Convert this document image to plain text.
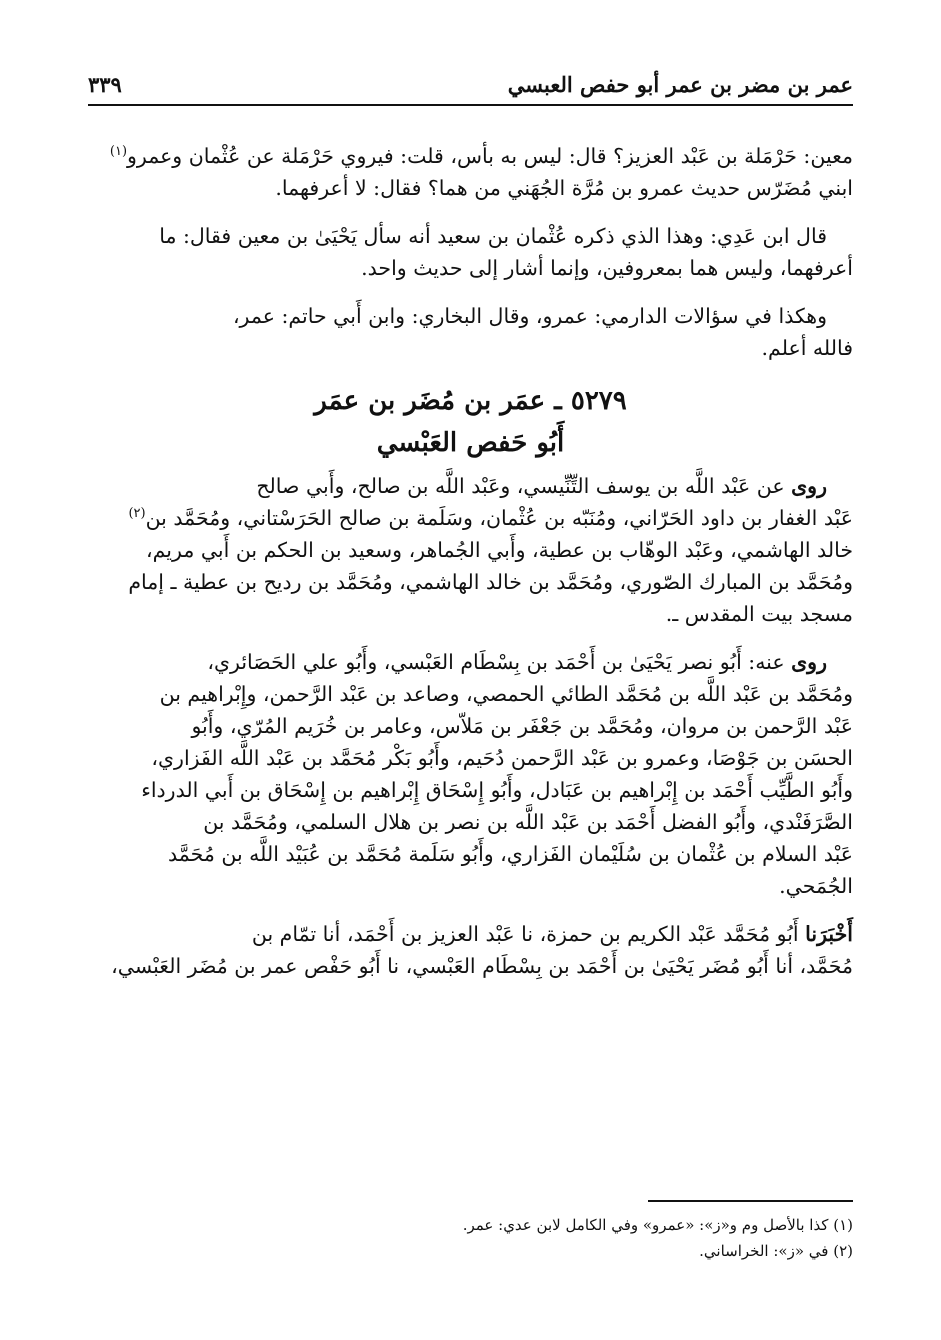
عمر بن مضر بن عمر أبو حفص العبسي
٣٣٩

معين: حَرْمَلة بن عَبْد العزيز؟ قال: ليس به بأس، قلت: فيروي حَرْمَلة عن عُثْمان وعمرو$^{(١)}$

ابني مُضَرّس حديث عمرو بن مُرَّة الجُهَني من هما؟ فقال: لا أعرفهما.

قال ابن عَدِي: وهذا الذي ذكره عُثْمان بن سعيد أنه سأل يَحْيَىٰ بن معين فقال: ما

أعرفهما، وليس هما بمعروفين، وإنما أشار إلى حديث واحد.

وهكذا في سؤالات الدارمي: عمرو، وقال البخاري: وابن أَبي حاتم: عمر،

فالله أعلم.

٥٢٧٩ ـ عمَر بن مُضَر بن عمَر
أَبُو حَفص العَبْسي

روى عن عَبْد اللَّه بن يوسف التِّنِّيسي، وعَبْد اللَّه بن صالح، وأَبي صالح

عَبْد الغفار بن داود الحَرّاني، ومُنَبّه بن عُثْمان، وسَلَمة بن صالح الحَرَسْتاني، ومُحَمَّد بن$^{(٢)}$

خالد الهاشمي، وعَبْد الوهّاب بن عطية، وأَبي الجُماهر، وسعيد بن الحكم بن أَبي مريم،

ومُحَمَّد بن المبارك الصّوري، ومُحَمَّد بن خالد الهاشمي، ومُحَمَّد بن رديح بن عطية ـ إمام

مسجد بيت المقدس ـ.

روى عنه: أَبُو نصر يَحْيَىٰ بن أَحْمَد بن بِسْطَام العَبْسي، وأَبُو علي الحَصَائري،

ومُحَمَّد بن عَبْد اللَّه بن مُحَمَّد الطائي الحمصي، وصاعد بن عَبْد الرَّحمن، وإِبْراهيم بن

عَبْد الرَّحمن بن مروان، ومُحَمَّد بن جَعْفَر بن مَلاّس، وعامر بن خُرَيم المُرّي، وأَبُو

الحسَن بن جَوْصَا، وعمرو بن عَبْد الرَّحمن دُحَيم، وأَبُو بَكْر مُحَمَّد بن عَبْد اللَّه الفَزاري،

وأَبُو الطَّيِّب أَحْمَد بن إِبْراهيم بن عَبَادل، وأَبُو إِسْحَاق إِبْراهيم بن إِسْحَاق بن أَبي الدرداء

الصَّرَفَنْدي، وأَبُو الفضل أَحْمَد بن عَبْد اللَّه بن نصر بن هلال السلمي، ومُحَمَّد بن

عَبْد السلام بن عُثْمان بن سُلَيْمان الفَزاري، وأَبُو سَلَمة مُحَمَّد بن عُبَيْد اللَّه بن مُحَمَّد

الجُمَحي.

أَخْبَرَنا أَبُو مُحَمَّد عَبْد الكريم بن حمزة، نا عَبْد العزيز بن أَحْمَد، أنا تمّام بن

مُحَمَّد، أنا أَبُو مُضَر يَحْيَىٰ بن أَحْمَد بن بِسْطَام العَبْسي، نا أَبُو حَفْص عمر بن مُضَر العَبْسي،

(١) كذا بالأصل وم و«ز»: «عمرو» وفي الكامل لابن عدي: عمر.

(٢) في «ز»: الخراساني.
